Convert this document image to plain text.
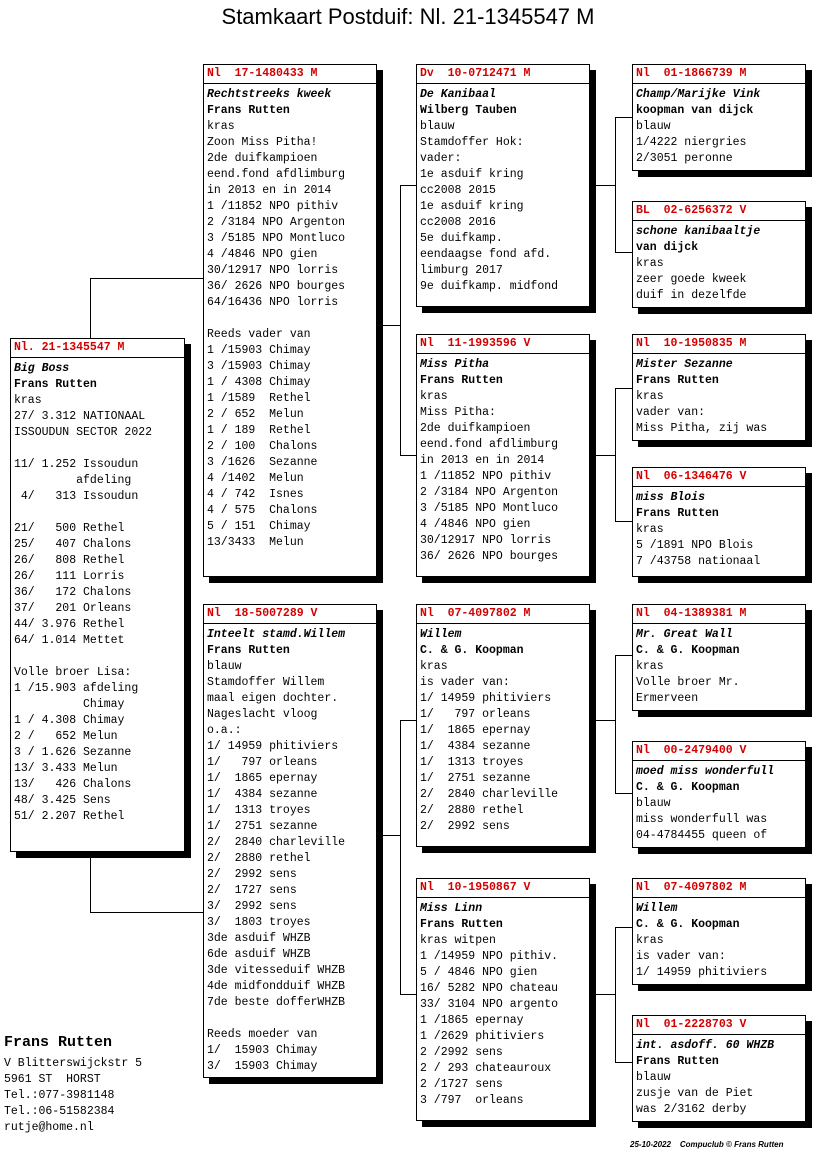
Stamkaart Postduif: Nl. 21-1345547 M
Nl. 21-1345547 M
Big Boss
Frans Rutten
kras
27/ 3.312 NATIONAAL
ISSOUDUN SECTOR 2022
11/ 1.252 Issoudun
afdeling
4/   313 Issoudun
21/   500 Rethel
25/   407 Chalons
26/   808 Rethel
26/   111 Lorris
36/   172 Chalons
37/   201 Orleans
44/ 3.976 Rethel
64/ 1.014 Mettet
Volle broer Lisa:
1 /15.903 afdeling
Chimay
1 / 4.308 Chimay
2 /   652 Melun
3 / 1.626 Sezanne
13/ 3.433 Melun
13/   426 Chalons
48/ 3.425 Sens
51/ 2.207 Rethel
Nl  17-1480433 M
Rechtstreeks kweek
Frans Rutten
kras
Zoon Miss Pitha!
2de duifkampioen
eend.fond afdlimburg
in 2013 en in 2014
1 /11852 NPO pithiv
2 /3184 NPO Argenton
3 /5185 NPO Montluco
4 /4846 NPO gien
30/12917 NPO lorris
36/ 2626 NPO bourges
64/16436 NPO lorris
Reeds vader van
1 /15903 Chimay
3 /15903 Chimay
1 / 4308 Chimay
1 /1589  Rethel
2 / 652  Melun
1 / 189  Rethel
2 / 100  Chalons
3 /1626  Sezanne
4 /1402  Melun
4 / 742  Isnes
4 / 575  Chalons
5 / 151  Chimay
13/3433  Melun
Nl  18-5007289 V
Inteelt stamd.Willem
Frans Rutten
blauw
Stamdoffer Willem
maal eigen dochter.
Nageslacht vloog
o.a.:
1/ 14959 phitiviers
1/   797 orleans
1/  1865 epernay
1/  4384 sezanne
1/  1313 troyes
1/  2751 sezanne
2/  2840 charleville
2/  2880 rethel
2/  2992 sens
2/  1727 sens
3/  2992 sens
3/  1803 troyes
3de asduif WHZB
6de asduif WHZB
3de vitesseduif WHZB
4de midfondduif WHZB
7de beste dofferWHZB
Reeds moeder van
1/  15903 Chimay
3/  15903 Chimay
Dv  10-0712471 M
De Kanibaal
Wilberg Tauben
blauw
Stamdoffer Hok:
vader:
1e asduif kring
cc2008 2015
1e asduif kring
cc2008 2016
5e duifkamp.
eendaagse fond afd.
limburg 2017
9e duifkamp. midfond
Nl  11-1993596 V
Miss Pitha
Frans Rutten
kras
Miss Pitha:
2de duifkampioen
eend.fond afdlimburg
in 2013 en in 2014
1 /11852 NPO pithiv
2 /3184 NPO Argenton
3 /5185 NPO Montluco
4 /4846 NPO gien
30/12917 NPO lorris
36/ 2626 NPO bourges
Nl  07-4097802 M
Willem
C. & G. Koopman
kras
is vader van:
1/ 14959 phitiviers
1/   797 orleans
1/  1865 epernay
1/  4384 sezanne
1/  1313 troyes
1/  2751 sezanne
2/  2840 charleville
2/  2880 rethel
2/  2992 sens
Nl  10-1950867 V
Miss Linn
Frans Rutten
kras witpen
1 /14959 NPO pithiv.
5 / 4846 NPO gien
16/ 5282 NPO chateau
33/ 3104 NPO argento
1 /1865 epernay
1 /2629 phitiviers
2 /2992 sens
2 / 293 chateauroux
2 /1727 sens
3 /797  orleans
Nl  01-1866739 M
Champ/Marijke Vink
koopman van dijck
blauw
1/4222 niergries
2/3051 peronne
BL  02-6256372 V
schone kanibaaltje
van dijck
kras
zeer goede kweek
duif in dezelfde
Nl  10-1950835 M
Mister Sezanne
Frans Rutten
kras
vader van:
Miss Pitha, zij was
Nl  06-1346476 V
miss Blois
Frans Rutten
kras
5 /1891 NPO Blois
7 /43758 nationaal
Nl  04-1389381 M
Mr. Great Wall
C. & G. Koopman
kras
Volle broer Mr.
Ermerveen
Nl  00-2479400 V
moed miss wonderfull
C. & G. Koopman
blauw
miss wonderfull was
04-4784455 queen of
Nl  07-4097802 M
Willem
C. & G. Koopman
kras
is vader van:
1/ 14959 phitiviers
Nl  01-2228703 V
int. asdoff. 60 WHZB
Frans Rutten
blauw
zusje van de Piet
was 2/3162 derby
Frans Rutten
V Blitterswijckstr 5
5961 ST  HORST
Tel.:077-3981148
Tel.:06-51582384
rutje@home.nl
25-10-2022    Compuclub © Frans Rutten
